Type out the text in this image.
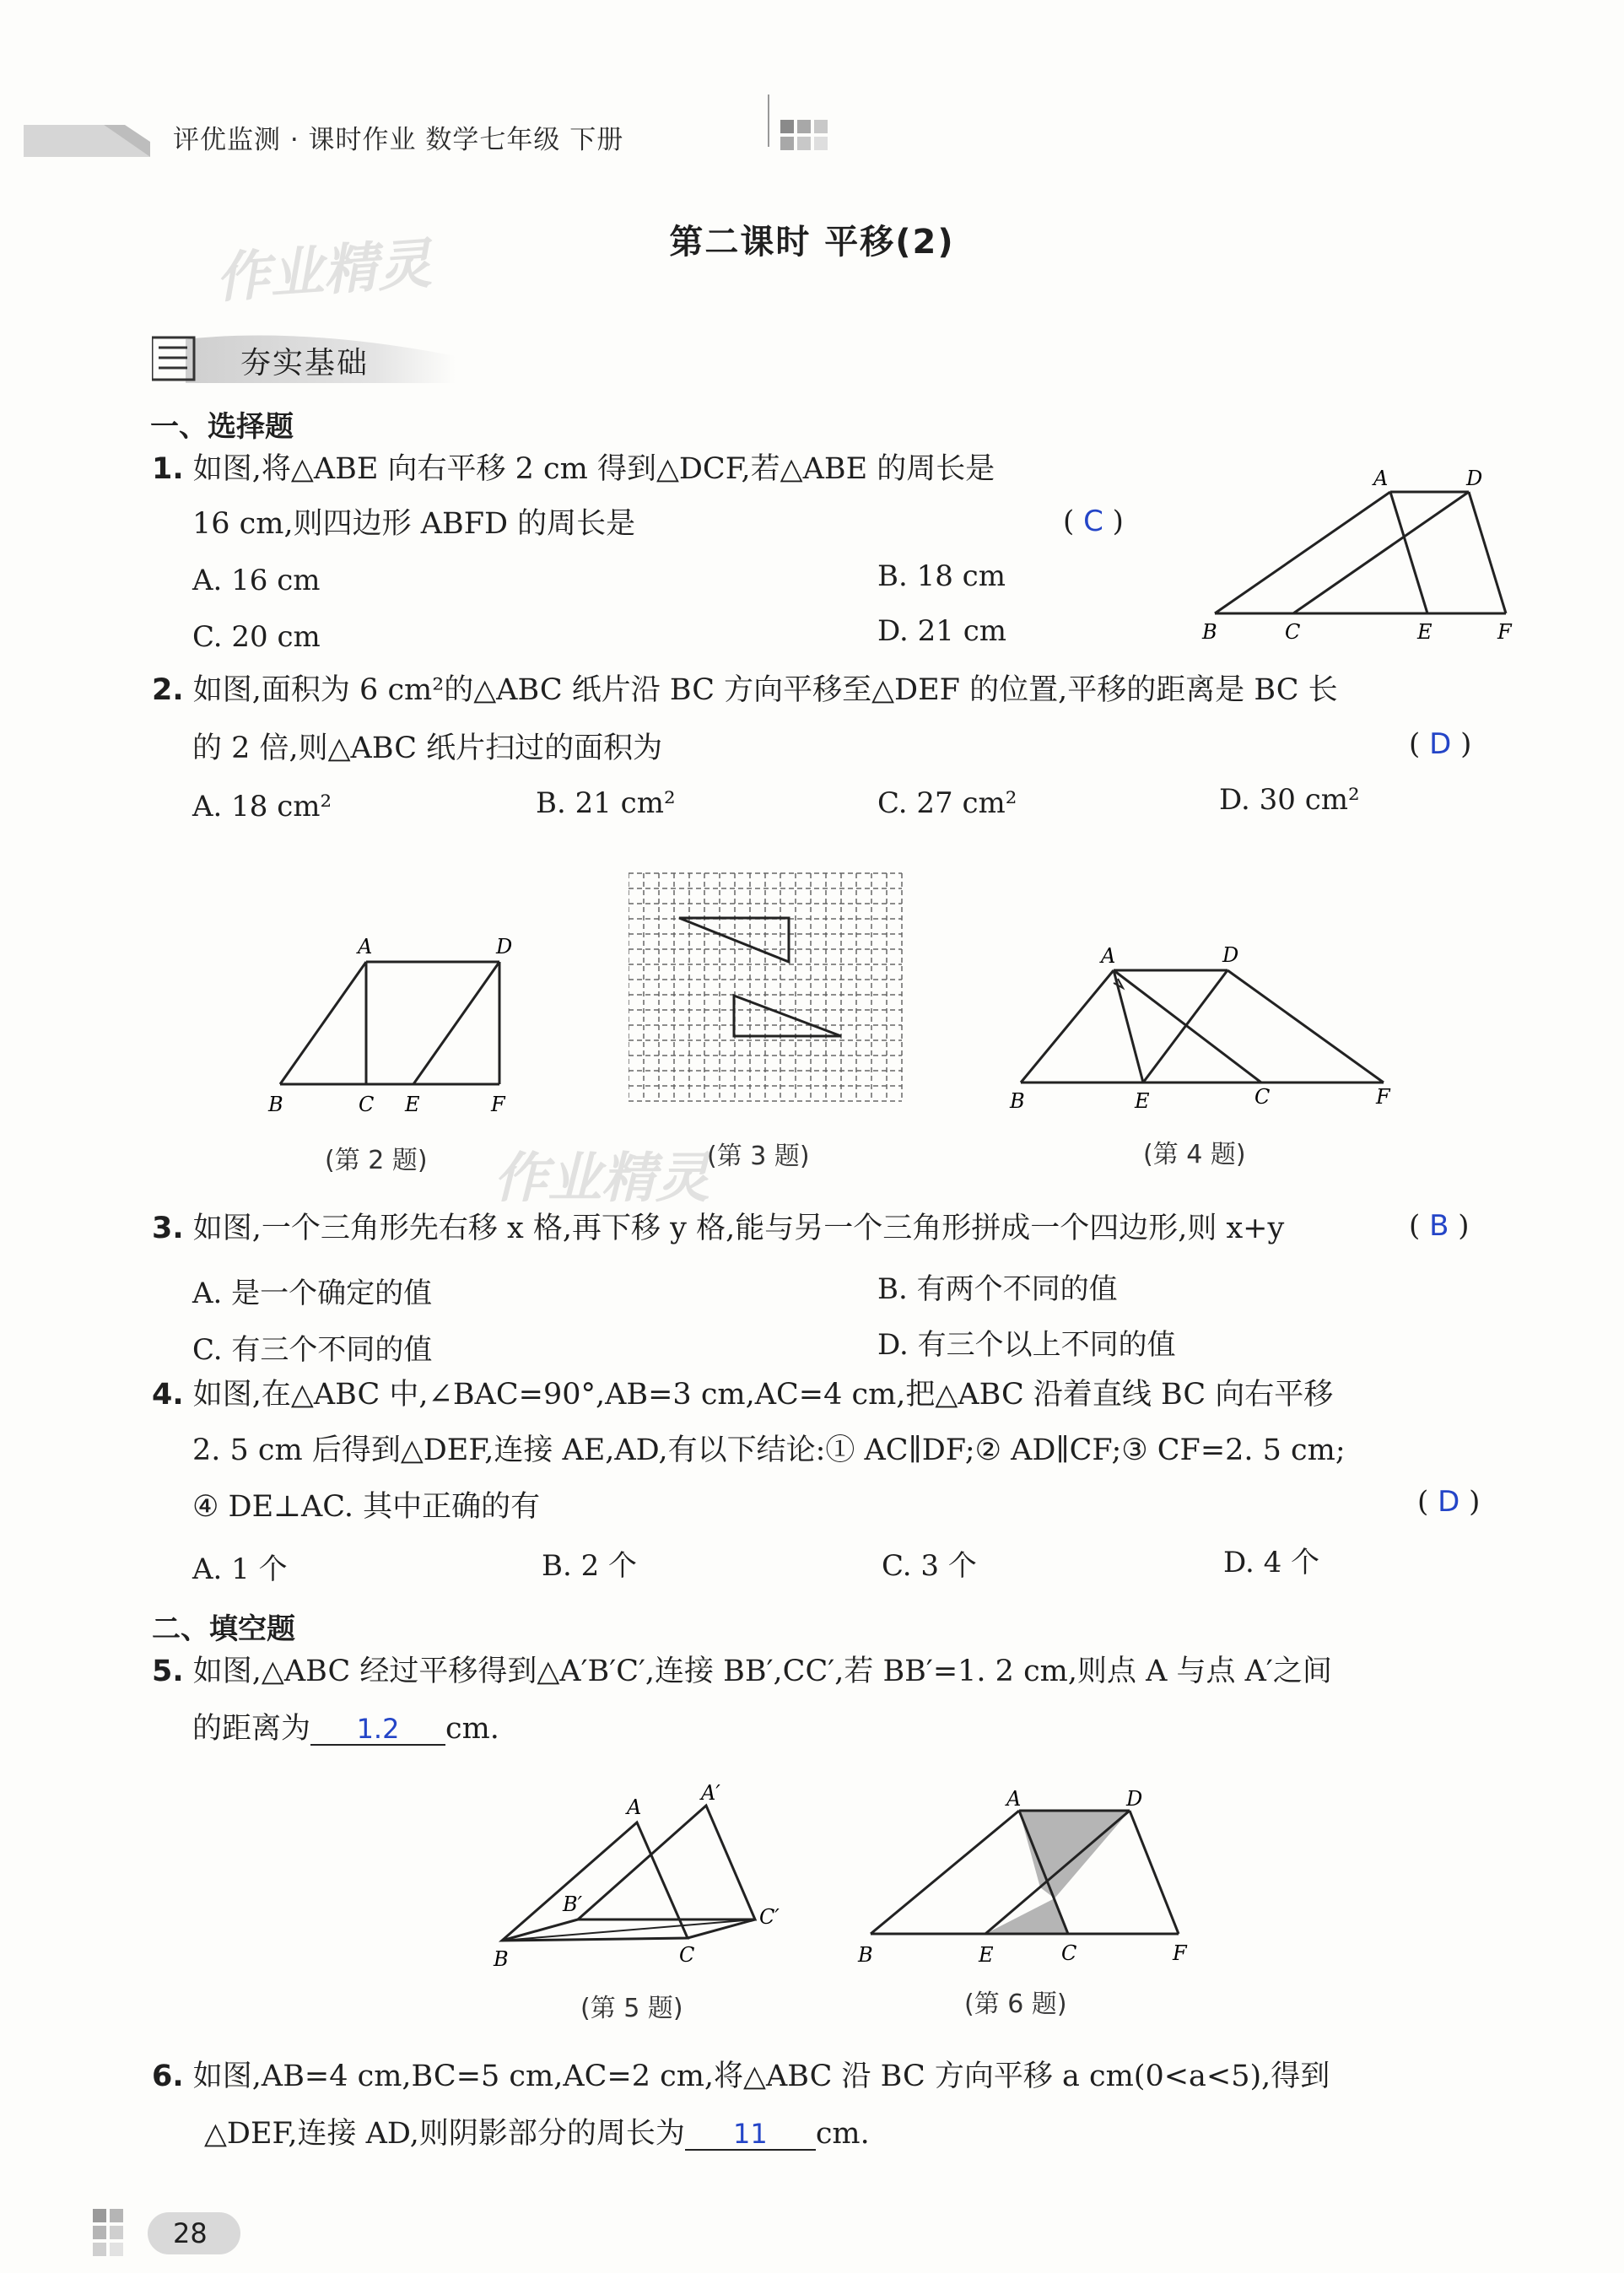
评优监测 · 课时作业 数学七年级 下册
第二课时 平移(2)
作业精灵
作业精灵
夯实基础
一、选择题
1. 如图,将△ABE 向右平移 2 cm 得到△DCF,若△ABE 的周长是
16 cm,则四边形 ABFD 的周长是	( C )
A. 16 cm	B. 18 cm
C. 20 cm	D. 21 cm
A	D
B	C	E	F
2. 如图,面积为 6 cm²的△ABC 纸片沿 BC 方向平移至△DEF 的位置,平移的距离是 BC 长
的 2 倍,则△ABC 纸片扫过的面积为	( D )
A. 18 cm²	B. 21 cm²	C. 27 cm²	D. 30 cm²
A	D
B	C E	F
(第 2 题)	(第 3 题)
A	D
B	E	C	F
(第 4 题)
3. 如图,一个三角形先右移 x 格,再下移 y 格,能与另一个三角形拼成一个四边形,则 x+y	( B )
A. 是一个确定的值	B. 有两个不同的值
C. 有三个不同的值	D. 有三个以上不同的值
4. 如图,在△ABC 中,∠BAC=90°,AB=3 cm,AC=4 cm,把△ABC 沿着直线 BC 向右平移
2. 5 cm 后得到△DEF,连接 AE,AD,有以下结论:① AC∥DF;② AD∥CF;③ CF=2. 5 cm;
④ DE⊥AC. 其中正确的有	( D )
A. 1 个	B. 2 个	C. 3 个	D. 4 个
二、填空题
5. 如图,△ABC 经过平移得到△A′B′C′,连接 BB′,CC′,若 BB′=1. 2 cm,则点 A 与点 A′之间
的距离为 1.2 cm.
A
A′
B′
B	C
C′
(第 5 题)
A	D
B	E	C	F
(第 6 题)
6. 如图,AB=4 cm,BC=5 cm,AC=2 cm,将△ABC 沿 BC 方向平移 a cm(0<a<5),得到
△DEF,连接 AD,则阴影部分的周长为 11 cm.
28
